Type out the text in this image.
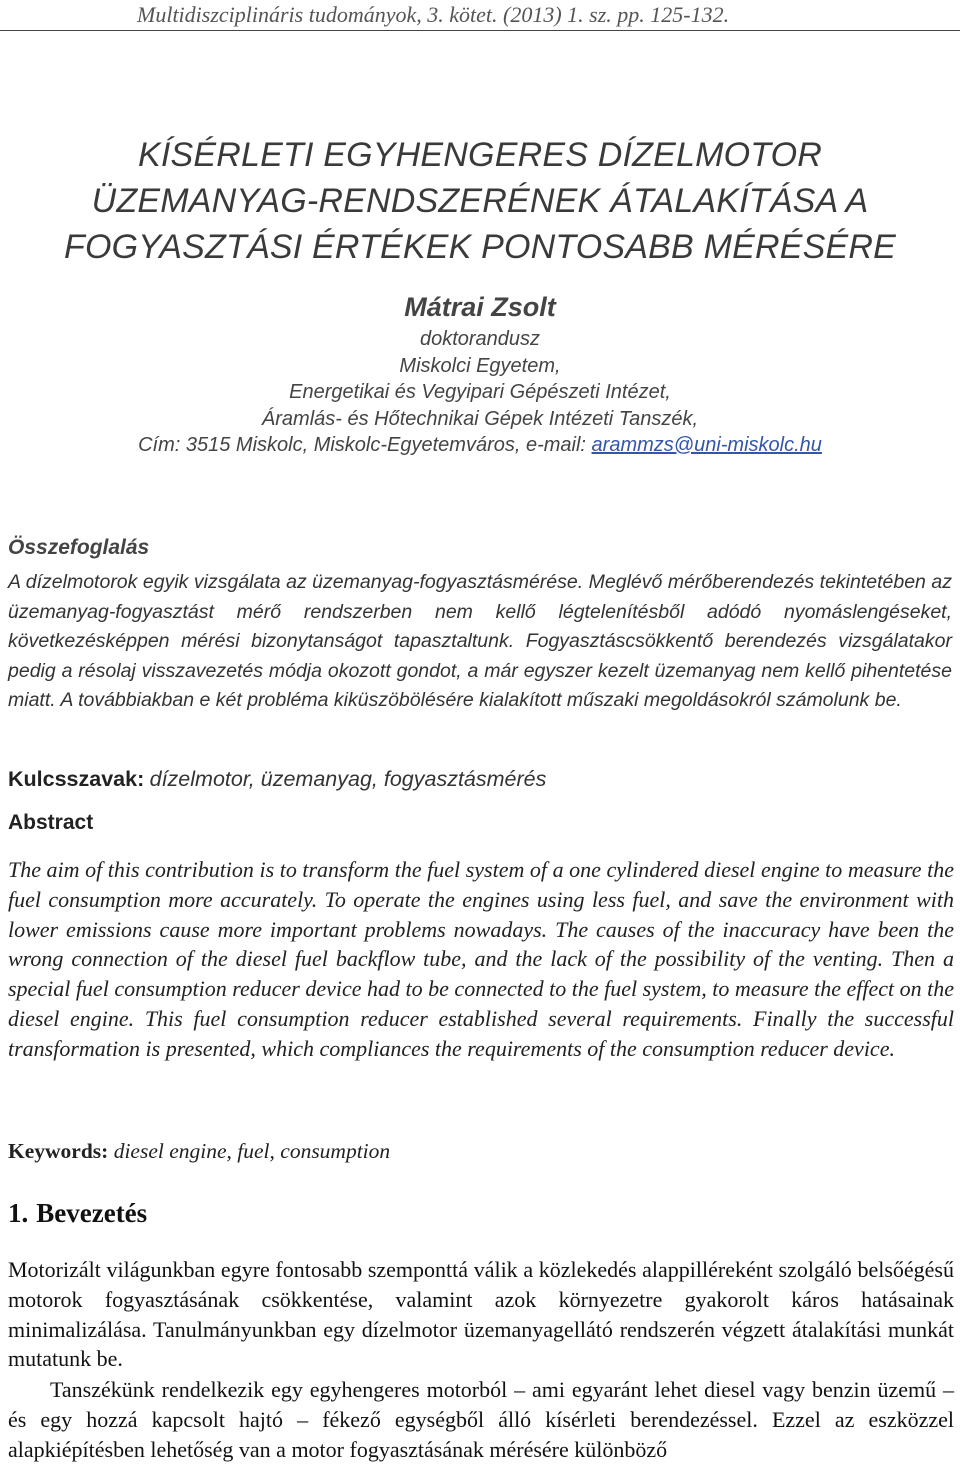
Multidiszciplináris tudományok, 3. kötet. (2013) 1. sz. pp. 125-132.
KÍSÉRLETI EGYHENGERES DÍZELMOTOR
ÜZEMANYAG-RENDSZERÉNEK ÁTALAKÍTÁSA A
FOGYASZTÁSI ÉRTÉKEK PONTOSABB MÉRÉSÉRE
Mátrai Zsolt
doktorandusz
Miskolci Egyetem,
Energetikai és Vegyipari Gépészeti Intézet,
Áramlás- és Hőtechnikai Gépek Intézeti Tanszék,
Cím: 3515 Miskolc, Miskolc-Egyetemváros, e-mail: arammzs@uni-miskolc.hu
Összefoglalás

A dízelmotorok egyik vizsgálata az üzemanyag-fogyasztásmérése. Meglévő mérőberendezés tekintetében az üzemanyag-fogyasztást mérő rendszerben nem kellő légtelenítésből adódó nyomáslengéseket, következésképpen mérési bizonytanságot tapasztaltunk. Fogyasztáscsökkentő berendezés vizsgálatakor pedig a résolaj visszavezetés módja okozott gondot, a már egyszer kezelt üzemanyag nem kellő pihentetése miatt. A továbbiakban e két probléma kiküszöbölésére kialakított műszaki megoldásokról számolunk be.

Kulcsszavak: dízelmotor, üzemanyag, fogyasztásmérés
Abstract

The aim of this contribution is to transform the fuel system of a one cylindered diesel engine to measure the fuel consumption more accurately. To operate the engines using less fuel, and save the environment with lower emissions cause more important problems nowadays. The causes of the inaccuracy have been the wrong connection of the diesel fuel backflow tube, and the lack of the possibility of the venting. Then a special fuel consumption reducer device had to be connected to the fuel system, to measure the effect on the diesel engine. This fuel consumption reducer established several requirements. Finally the successful transformation is presented, which compliances the requirements of the consumption reducer device.

Keywords: diesel engine, fuel, consumption
1. Bevezetés

Motorizált világunkban egyre fontosabb szemponttá válik a közlekedés alappilléreként szolgáló belsőégésű motorok fogyasztásának csökkentése, valamint azok környezetre gyakorolt káros hatásainak minimalizálása. Tanulmányunkban egy dízelmotor üzemanyagellátó rendszerén végzett átalakítási munkát mutatunk be.

Tanszékünk rendelkezik egy egyhengeres motorból – ami egyaránt lehet diesel vagy benzin üzemű – és egy hozzá kapcsolt hajtó – fékező egységből álló kísérleti berendezéssel. Ezzel az eszközzel alapkiépítésben lehetőség van a motor fogyasztásának mérésére különböző
